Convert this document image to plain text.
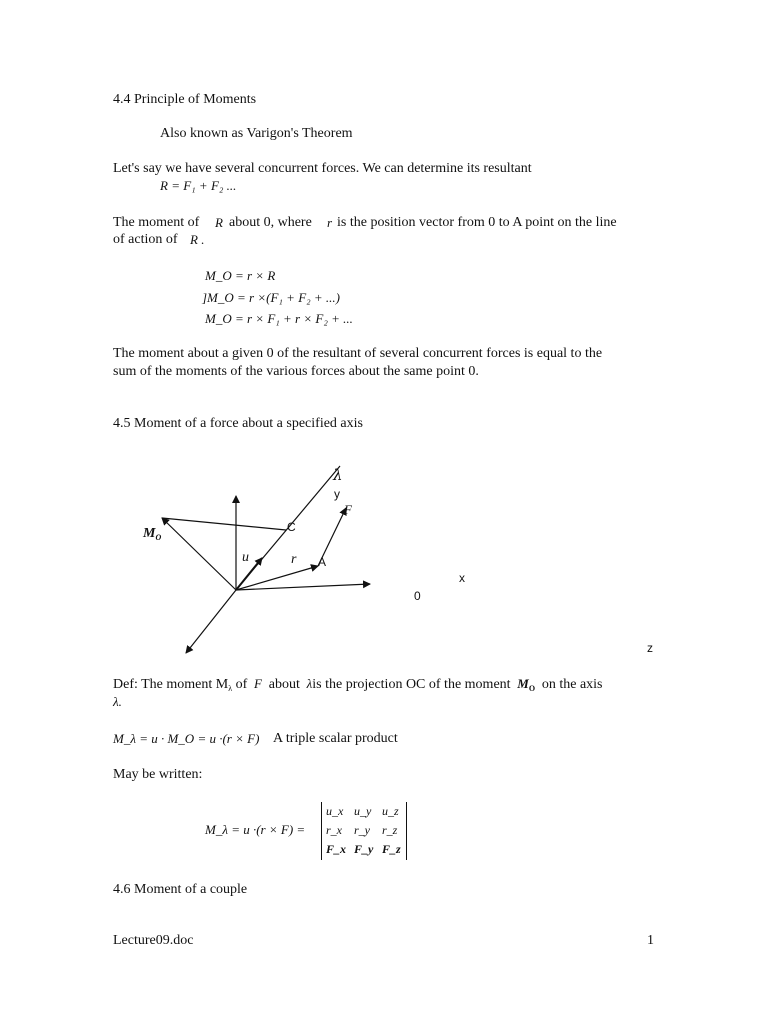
4.4 Principle of Moments
Also known as Varigon's Theorem
Let's say we have several concurrent forces. We can determine its resultant
R = F₁ + F₂ ...
The moment of R about 0, where r is the position vector from 0 to A point on the line
of action of R .
M_O = r × R
]M_O = r ×(F₁ + F₂ + ...)
M_O = r × F₁ + r × F₂ + ...
The moment about a given 0 of the resultant of several concurrent forces is equal to the
sum of the moments of the various forces about the same point 0.
4.5 Moment of a force about a specified axis
λ
y
F
$M_O$
C
u	r A
x
0
z
Def: The moment $M_\lambda$ of  F  about  λis the projection OC of the moment  $M_O$ on the axis
λ.
M_λ = u · M_O = u ·(r × F) A triple scalar product
May be written:
M_λ = u ·(r × F) =
u_x u_y u_z
r_x r_y r_z
F_x F_y F_z
4.6 Moment of a couple
Lecture09.doc	1
